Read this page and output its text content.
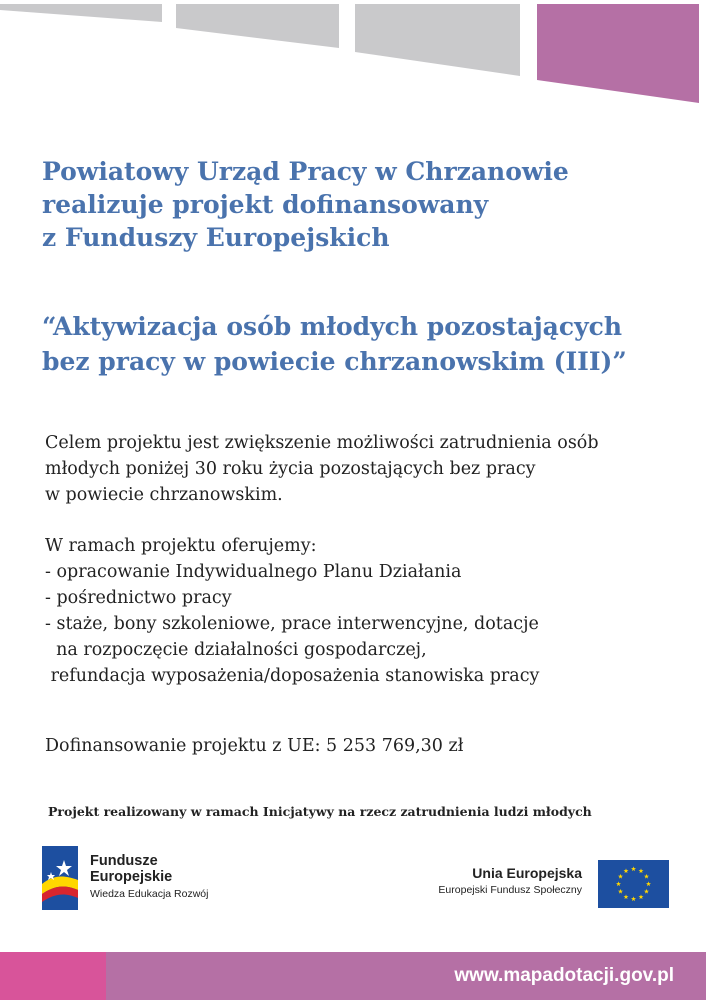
Powiatowy Urząd Pracy w Chrzanowie
realizuje projekt dofinansowany
z Funduszy Europejskich
“Aktywizacja osób młodych pozostających
bez pracy w powiecie chrzanowskim (III)”
Celem projektu jest zwiększenie możliwości zatrudnienia osób
młodych poniżej 30 roku życia pozostających bez pracy
w powiecie chrzanowskim.
W ramach projektu oferujemy:
- opracowanie Indywidualnego Planu Działania
- pośrednictwo pracy
- staże, bony szkoleniowe, prace interwencyjne, dotacje
na rozpoczęcie działalności gospodarczej,
refundacja wyposażenia/doposażenia stanowiska pracy
Dofinansowanie projektu z UE: 5 253 769,30 zł
Projekt realizowany w ramach Inicjatywy na rzecz zatrudnienia ludzi młodych
Fundusze
Europejskie
Wiedza Edukacja Rozwój
Unia Europejska
Europejski Fundusz Społeczny
www.mapadotacji.gov.pl
